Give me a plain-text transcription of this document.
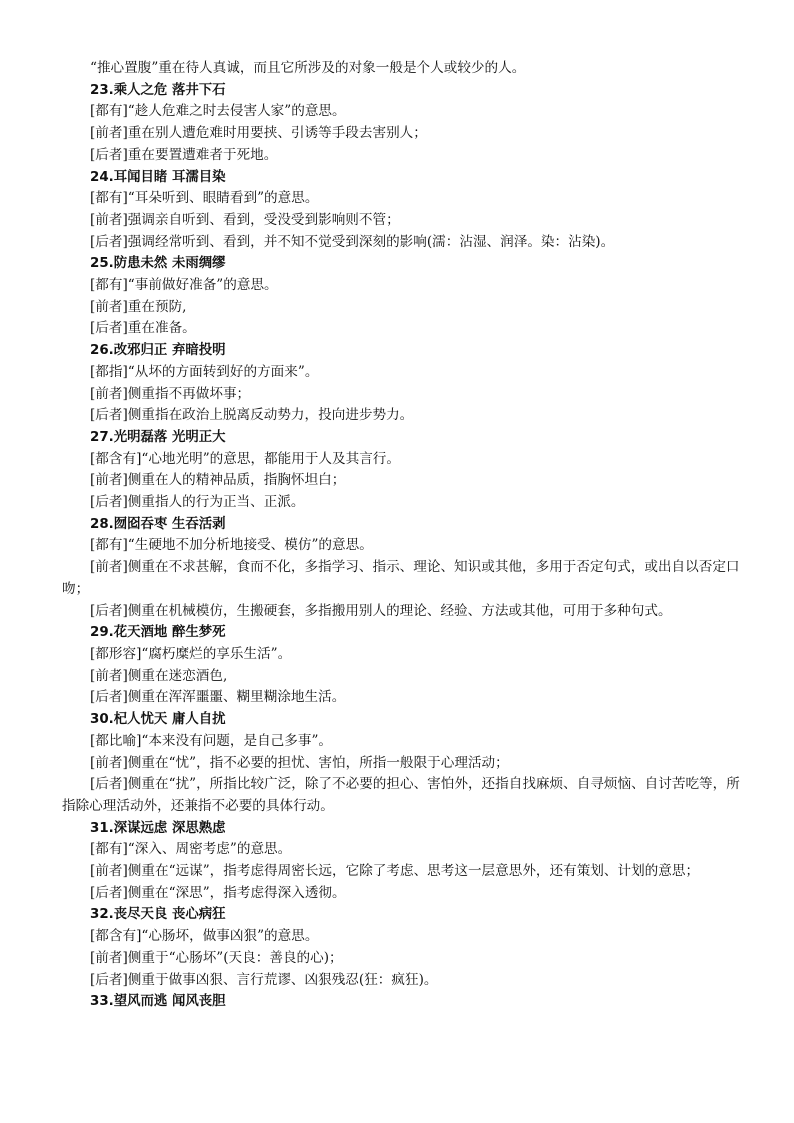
“推心置腹”重在待人真诚，而且它所涉及的对象一般是个人或较少的人。

23.乘人之危 落井下石

[都有]“趁人危难之时去侵害人家”的意思。

[前者]重在别人遭危难时用要挟、引诱等手段去害别人；

[后者]重在要置遭难者于死地。

24.耳闻目睹 耳濡目染

[都有]“耳朵听到、眼睛看到”的意思。

[前者]强调亲自听到、看到，受没受到影响则不管；

[后者]强调经常听到、看到，并不知不觉受到深刻的影响(濡：沾湿、润泽。染：沾染)。

25.防患未然 未雨绸缪

[都有]“事前做好准备”的意思。

[前者]重在预防,

[后者]重在准备。

26.改邪归正 弃暗投明

[都指]“从坏的方面转到好的方面来”。

[前者]侧重指不再做坏事；

[后者]侧重指在政治上脱离反动势力，投向进步势力。

27.光明磊落 光明正大

[都含有]“心地光明”的意思，都能用于人及其言行。

[前者]侧重在人的精神品质，指胸怀坦白；

[后者]侧重指人的行为正当、正派。

28.囫囵吞枣 生吞活剥

[都有]“生硬地不加分析地接受、模仿”的意思。

[前者]侧重在不求甚解，食而不化，多指学习、指示、理论、知识或其他，多用于否定句式，或出自以否定口吻；

[后者]侧重在机械模仿，生搬硬套，多指搬用别人的理论、经验、方法或其他，可用于多种句式。

29.花天酒地 醉生梦死

[都形容]“腐朽糜烂的享乐生活”。

[前者]侧重在迷恋酒色,

[后者]侧重在浑浑噩噩、糊里糊涂地生活。

30.杞人忧天 庸人自扰

[都比喻]“本来没有问题，是自己多事”。

[前者]侧重在“忧”，指不必要的担忧、害怕，所指一般限于心理活动；

[后者]侧重在“扰”，所指比较广泛，除了不必要的担心、害怕外，还指自找麻烦、自寻烦恼、自讨苦吃等，所指除心理活动外，还兼指不必要的具体行动。

31.深谋远虑 深思熟虑

[都有]“深入、周密考虑”的意思。

[前者]侧重在“远谋”，指考虑得周密长远，它除了考虑、思考这一层意思外，还有策划、计划的意思；

[后者]侧重在“深思”，指考虑得深入透彻。

32.丧尽天良 丧心病狂

[都含有]“心肠坏，做事凶狠”的意思。

[前者]侧重于“心肠坏”(天良：善良的心)；

[后者]侧重于做事凶狠、言行荒谬、凶狠残忍(狂：疯狂)。

33.望风而逃 闻风丧胆
